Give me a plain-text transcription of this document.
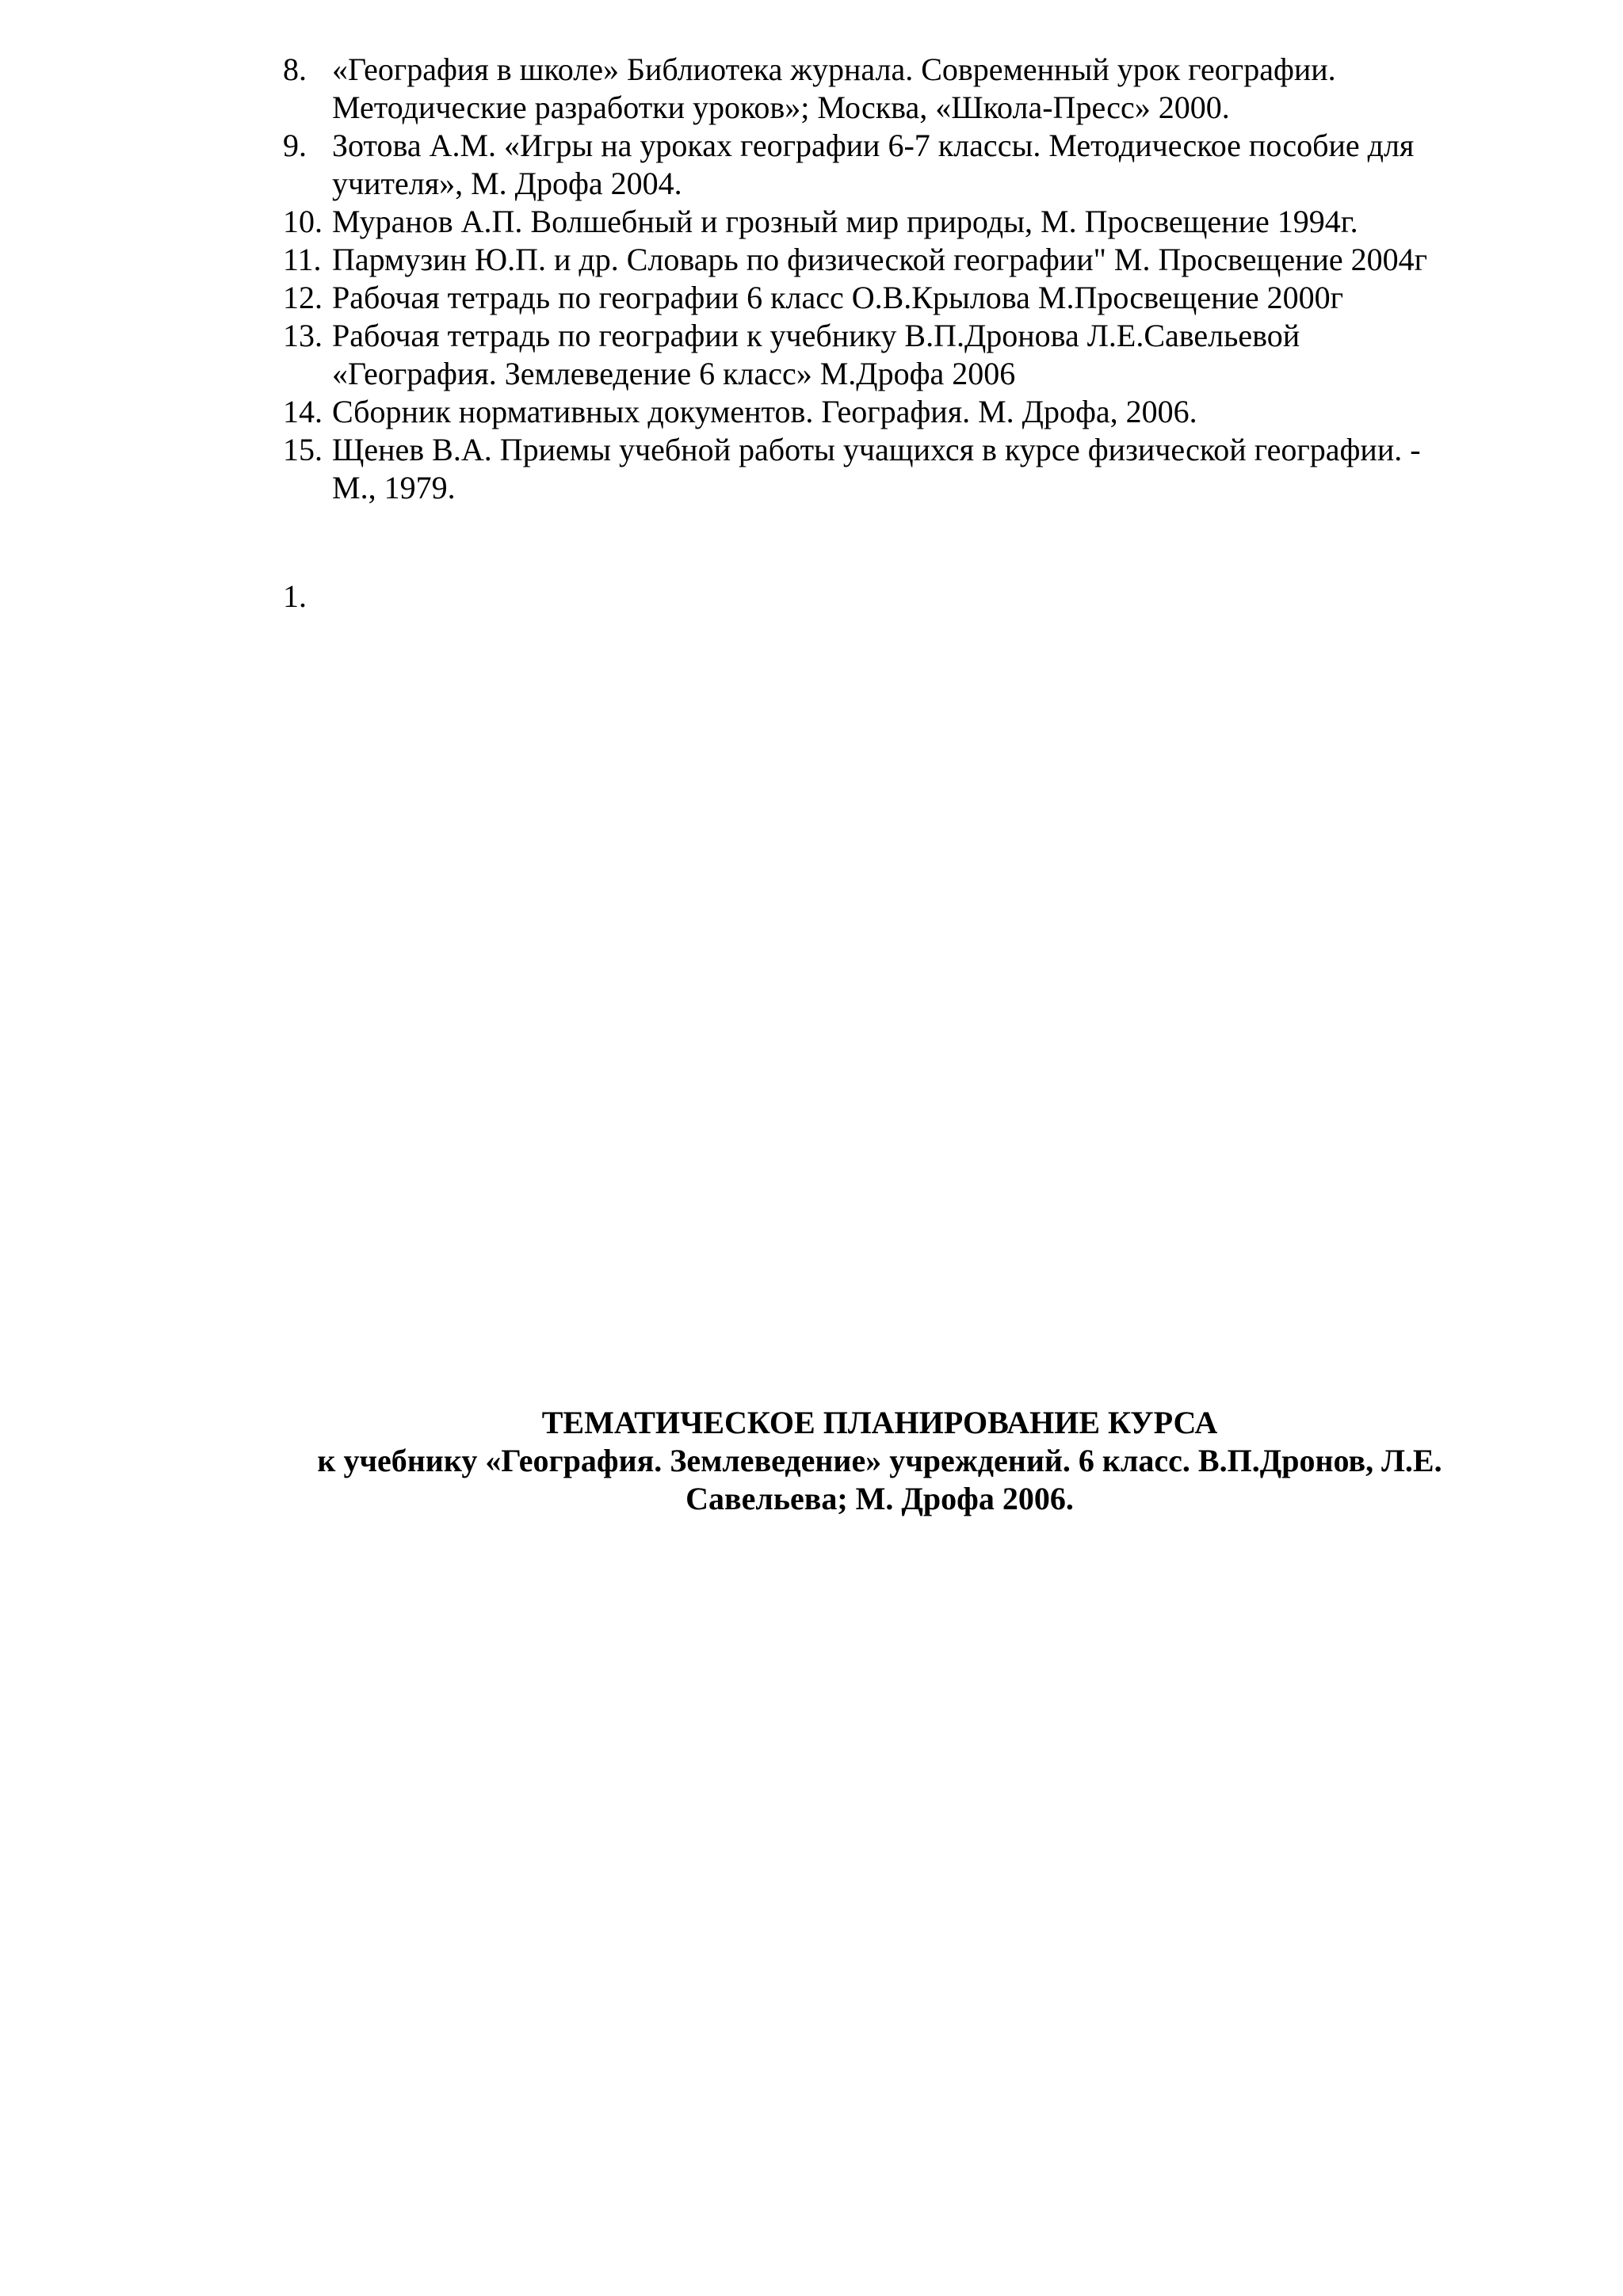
8. «География в школе» Библиотека журнала. Современный урок географии.
Методические разработки уроков»; Москва, «Школа-Пресс» 2000.
9. Зотова А.М. «Игры на уроках географии 6-7 классы. Методическое пособие для
учителя», М. Дрофа 2004.
10. Муранов А.П. Волшебный и грозный мир природы, М. Просвещение 1994г.
11. Пармузин Ю.П. и др. Словарь по физической географии" М. Просвещение 2004г
12. Рабочая тетрадь по географии 6 класс О.В.Крылова М.Просвещение 2000г
13. Рабочая тетрадь по географии к учебнику В.П.Дронова Л.Е.Савельевой
«География. Землеведение 6 класс» М.Дрофа 2006
14. Сборник нормативных документов. География. М. Дрофа, 2006.
15. Щенев В.А. Приемы учебной работы учащихся в курсе физической географии. -
М., 1979.
1.
ТЕМАТИЧЕСКОЕ ПЛАНИРОВАНИЕ КУРСА
к учебнику «География. Землеведение» учреждений. 6 класс. В.П.Дронов, Л.Е.
Савельева; М. Дрофа 2006.
